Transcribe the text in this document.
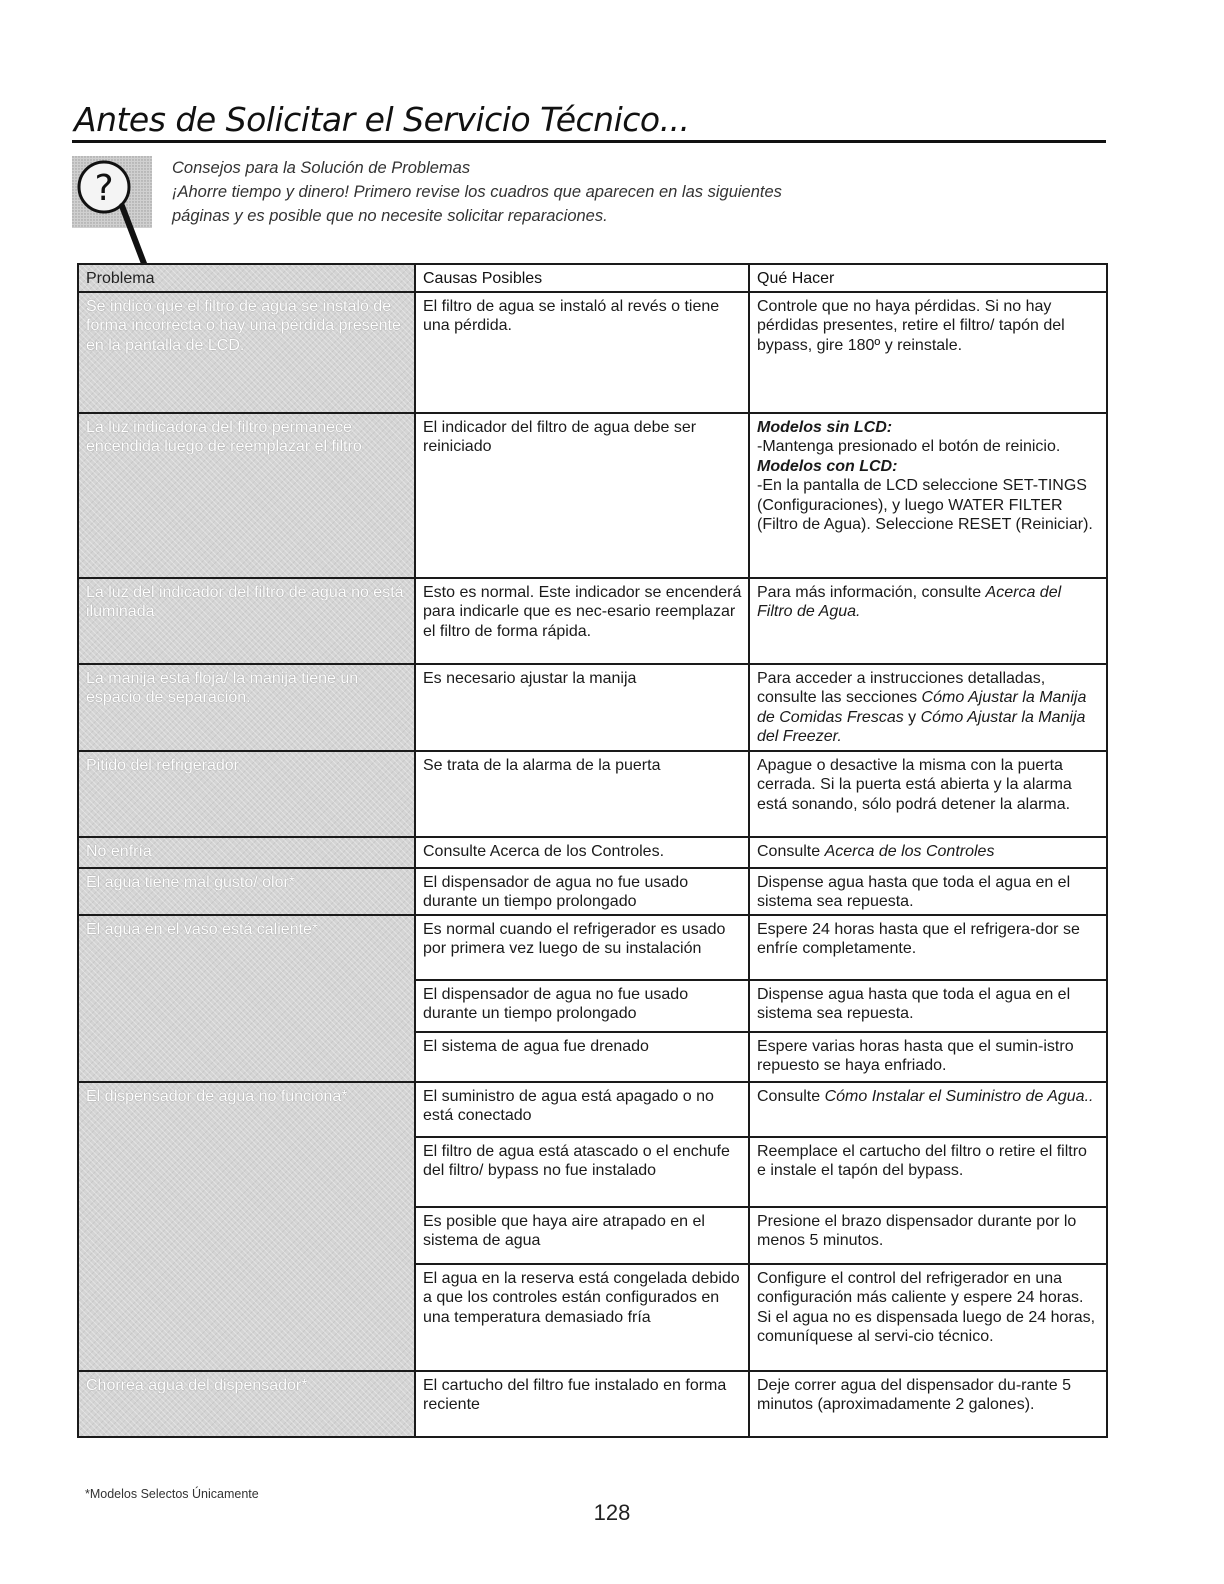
Antes de Solicitar el Servicio Técnico...
?	Consejos para la Solución de Problemas
¡Ahorre tiempo y dinero! Primero revise los cuadros que aparecen en las siguientes
páginas y es posible que no necesite solicitar reparaciones.
Problema	Causas Posibles	Qué Hacer
Se indicó que el filtro de agua se instaló de forma incorrecta o hay una pérdida presente en la pantalla de LCD.	El filtro de agua se instaló al revés o tiene una pérdida.	Controle que no haya pérdidas. Si no hay pérdidas presentes, retire el filtro/ tapón del bypass, gire 180º y reinstale.
La luz indicadora del filtro permanece encendida luego de reemplazar el filtro	El indicador del filtro de agua debe ser reiniciado	Modelos sin LCD:
-Mantenga presionado el botón de reinicio.
Modelos con LCD:
-En la pantalla de LCD seleccione SET-TINGS (Configuraciones), y luego WATER FILTER (Filtro de Agua). Seleccione RESET (Reiniciar).

La luz del indicador del filtro de agua no está iluminada	Esto es normal. Este indicador se encenderá para indicarle que es nec-esario reemplazar el filtro de forma rápida.	Para más información, consulte Acerca del Filtro de Agua.
La manija está floja/ la manija tiene un espacio de separación.	Es necesario ajustar la manija	Para acceder a instrucciones detalladas, consulte las secciones Cómo Ajustar la Manija de Comidas Frescas y Cómo Ajustar la Manija del Freezer.
Pitido del refrigerador	Se trata de la alarma de la puerta	Apague o desactive la misma con la puerta cerrada. Si la puerta está abierta y la alarma está sonando, sólo podrá detener la alarma.
No enfría	Consulte Acerca de los Controles.	Consulte Acerca de los Controles
El agua tiene mal gusto/ olor*	El dispensador de agua no fue usado durante un tiempo prolongado	Dispense agua hasta que toda el agua en el sistema sea repuesta.
El agua en el vaso está caliente*	Es normal cuando el refrigerador es usado por primera vez luego de su instalación	Espere 24 horas hasta que el refrigera-dor se enfríe completamente.
	El dispensador de agua no fue usado durante un tiempo prolongado	Dispense agua hasta que toda el agua en el sistema sea repuesta.
	El sistema de agua fue drenado	Espere varias horas hasta que el sumin-istro repuesto se haya enfriado.
El dispensador de agua no funciona*	El suministro de agua está apagado o no está conectado	Consulte Cómo Instalar el Suministro de Agua..
	El filtro de agua está atascado o el enchufe del filtro/ bypass no fue instalado	Reemplace el cartucho del filtro o retire el filtro e instale el tapón del bypass.
	Es posible que haya aire atrapado en el sistema de agua	Presione el brazo dispensador durante por lo menos 5 minutos.
	El agua en la reserva está congelada debido a que los controles están configurados en una temperatura demasiado fría	Configure el control del refrigerador en una configuración más caliente y espere 24 horas. Si el agua no es dispensada luego de 24 horas, comuníquese al servi-cio técnico.
Chorrea agua del dispensador*	El cartucho del filtro fue instalado en forma reciente	Deje correr agua del dispensador du-rante 5 minutos (aproximadamente 2 galones).
*Modelos Selectos Únicamente
128
